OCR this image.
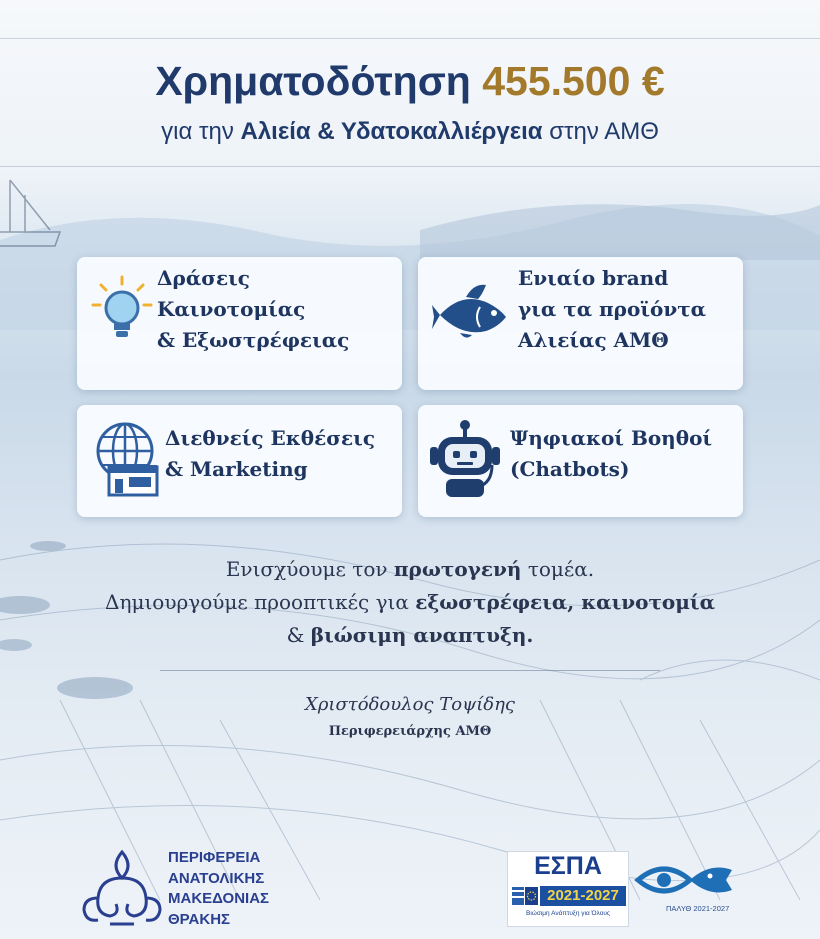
Χρηματοδότηση 455.500 €
για την Αλιεία & Υδατοκαλλιέργεια στην ΑΜΘ
Δράσεις
Καινοτομίας
& Εξωστρέφειας
Ενιαίο brand
για τα προϊόντα
Αλιείας ΑΜΘ
Διεθνείς Εκθέσεις
& Marketing
Ψηφιακοί Βοηθοί
(Chatbots)
Ενισχύουμε τον πρωτογενή τομέα.
Δημιουργούμε προοπτικές για εξωστρέφεια, καινοτομία
& βιώσιμη αναπτυξη.
Χριστόδουλος Τοψίδης
Περιφερειάρχης ΑΜΘ
ΠΕΡΙΦΕΡΕΙΑ
ΑΝΑΤΟΛΙΚΗΣ
ΜΑΚΕΔΟΝΙΑΣ
ΘΡΑΚΗΣ
ΕΣΠΑ
2021-2027
Βιώσιμη Ανάπτυξη για Όλους
ΠΑΛΥΘ 2021-2027
